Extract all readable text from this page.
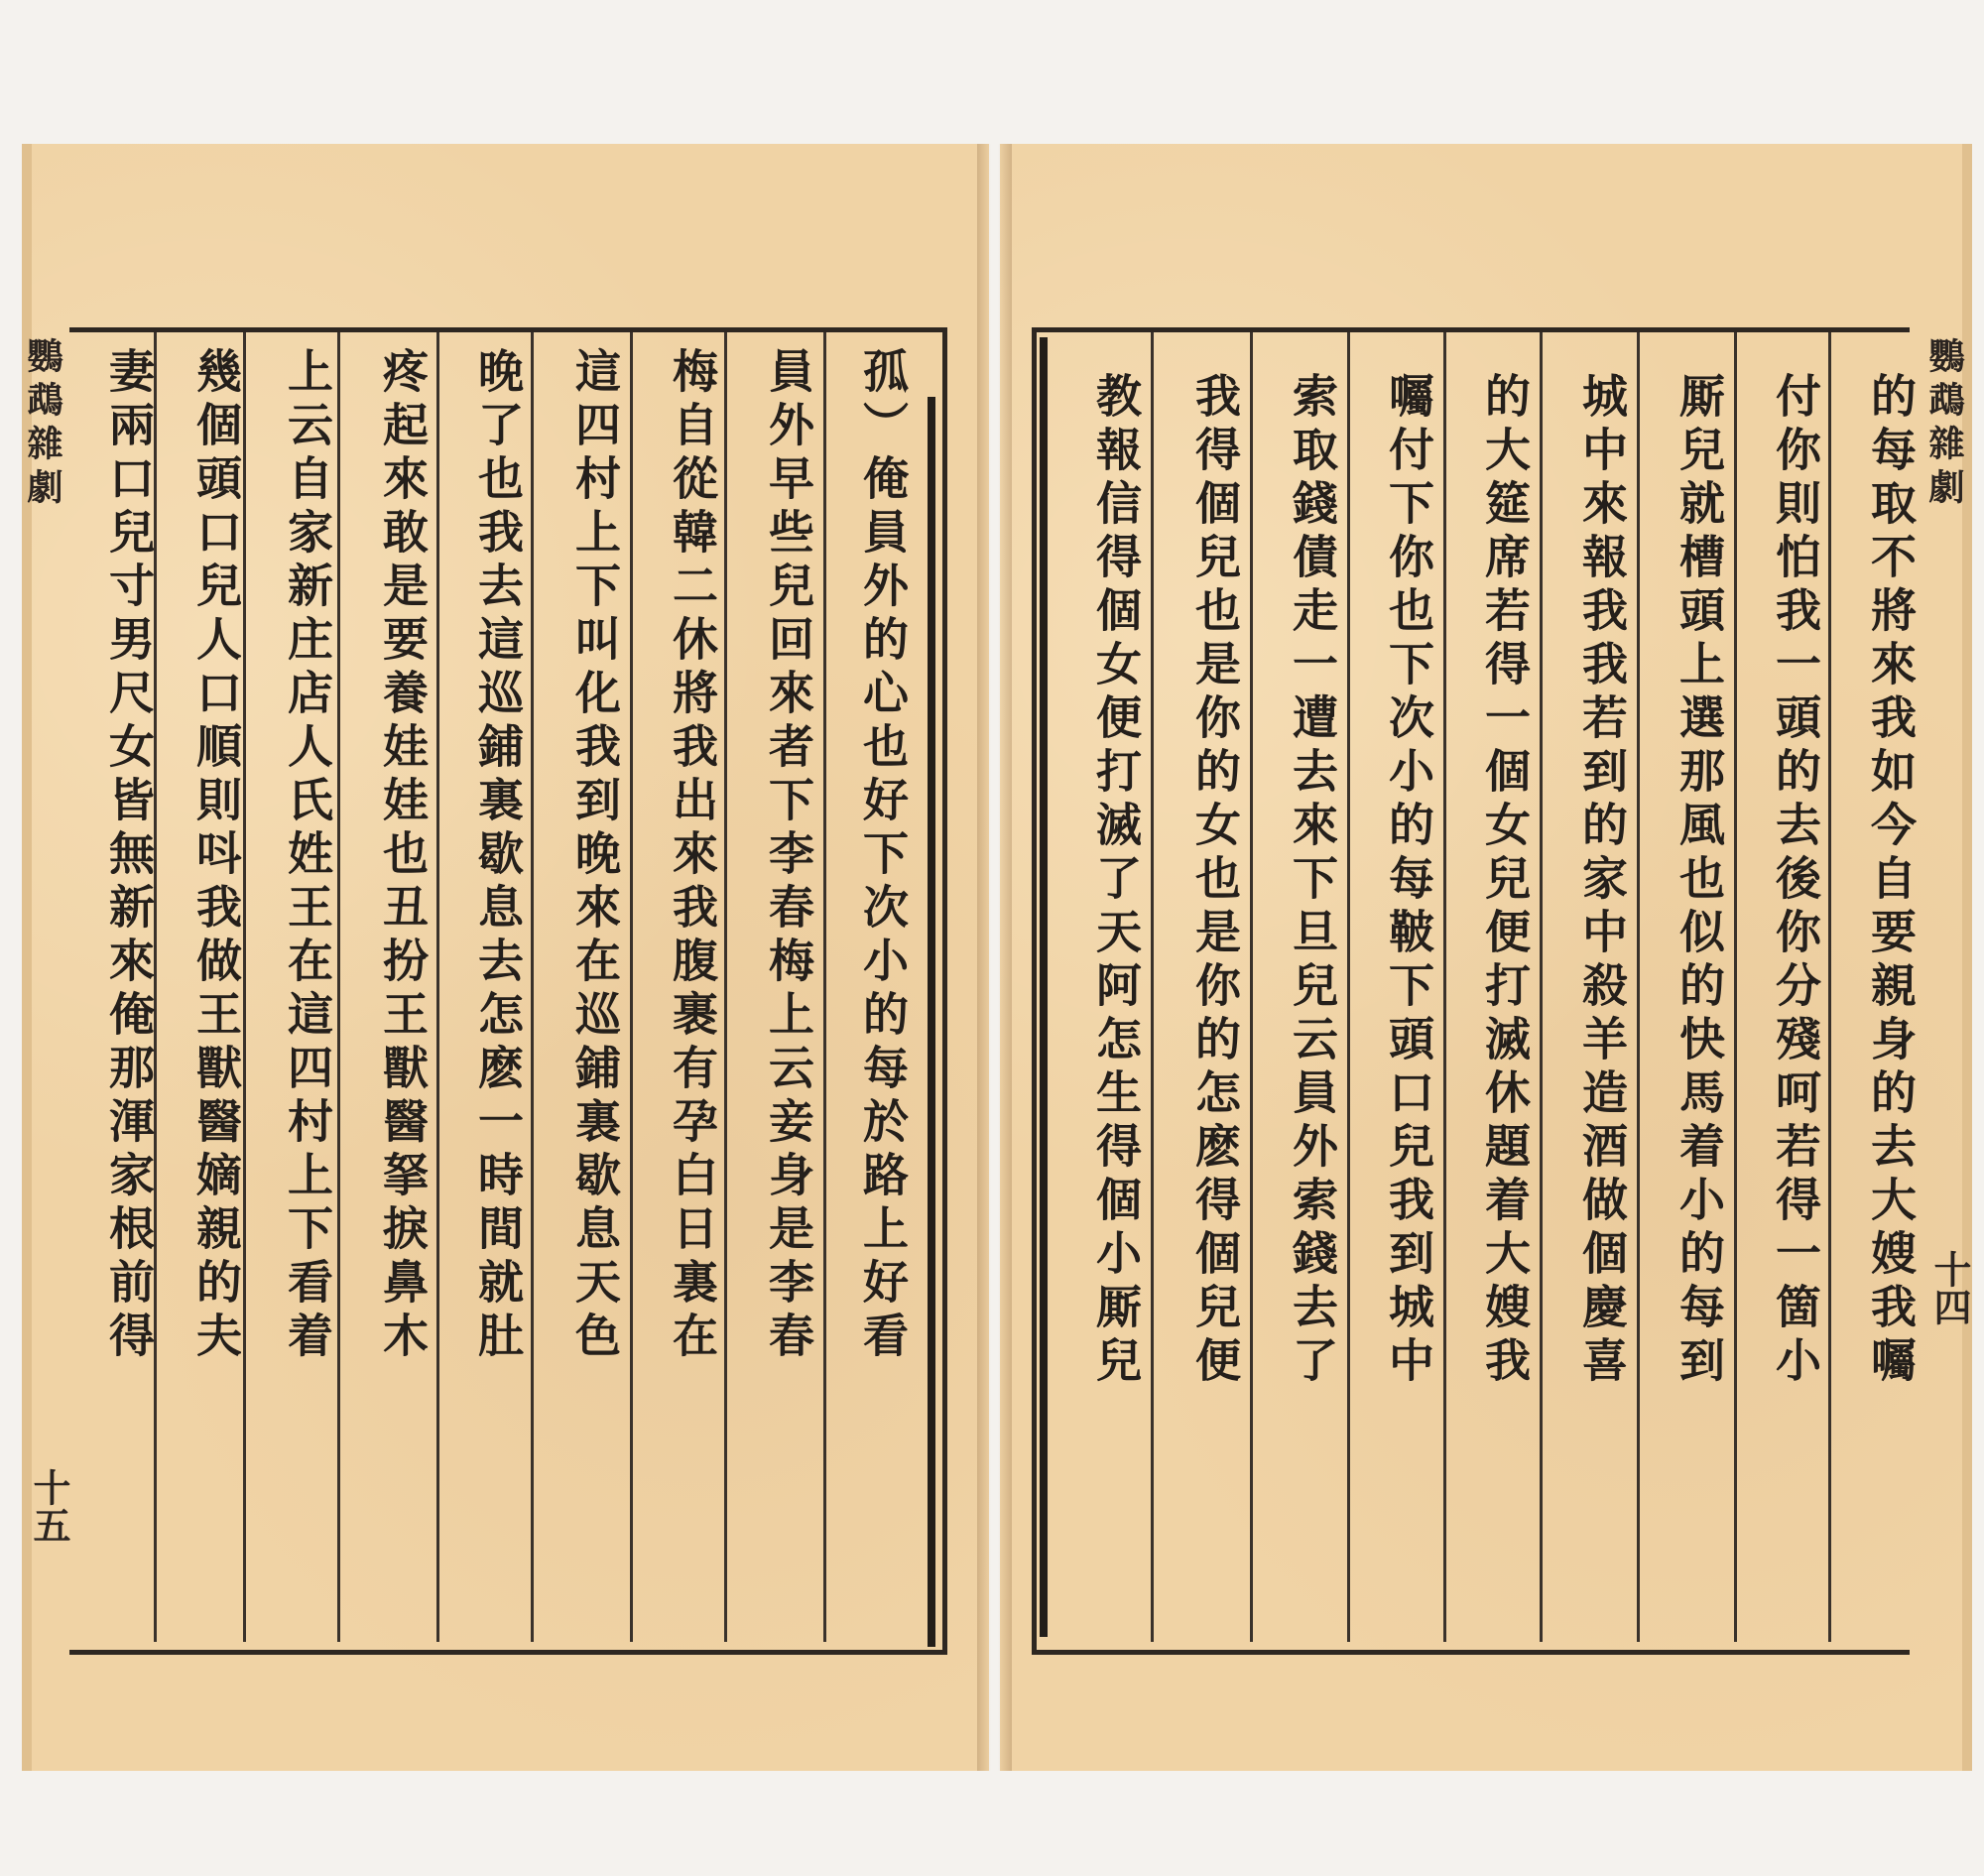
鸚鵡雜劇
十五
妻兩口兒寸男尺女皆無新來俺那渾家根前得 幾個頭口兒人口順則呌我做王獸醫嫡親的夫 上云自家新庄店人氏姓王在這四村上下看着 疼起來敢是要養娃娃也丑扮王獸醫拏捩鼻木 晚了也我去這巡鋪裏歇息去怎麽一時間就肚 這四村上下叫化我到晚來在巡鋪裏歇息天色 梅自從韓二休將我出來我腹裹有孕白日裏在 員外早些兒回來者下李春梅上云妾身是李春 孤）俺員外的心也好下次小的每於路上好看	鸚鵡雜劇
十四
教報信得個女便打滅了天阿怎生得個小厮兒 我得個兒也是你的女也是你的怎麽得個兒便 索取錢債走一遭去來下旦兒云員外索錢去了 囑付下你也下次小的每鞁下頭口兒我到城中 的大筵席若得一個女兒便打滅休題着大嫂我 城中來報我我若到的家中殺羊造酒做個慶喜 厮兒就槽頭上選那風也似的快馬着小的每到 付你則怕我一頭的去後你分殘呵若得一箇小 的每取不將來我如今自要親身的去大嫂我囑
